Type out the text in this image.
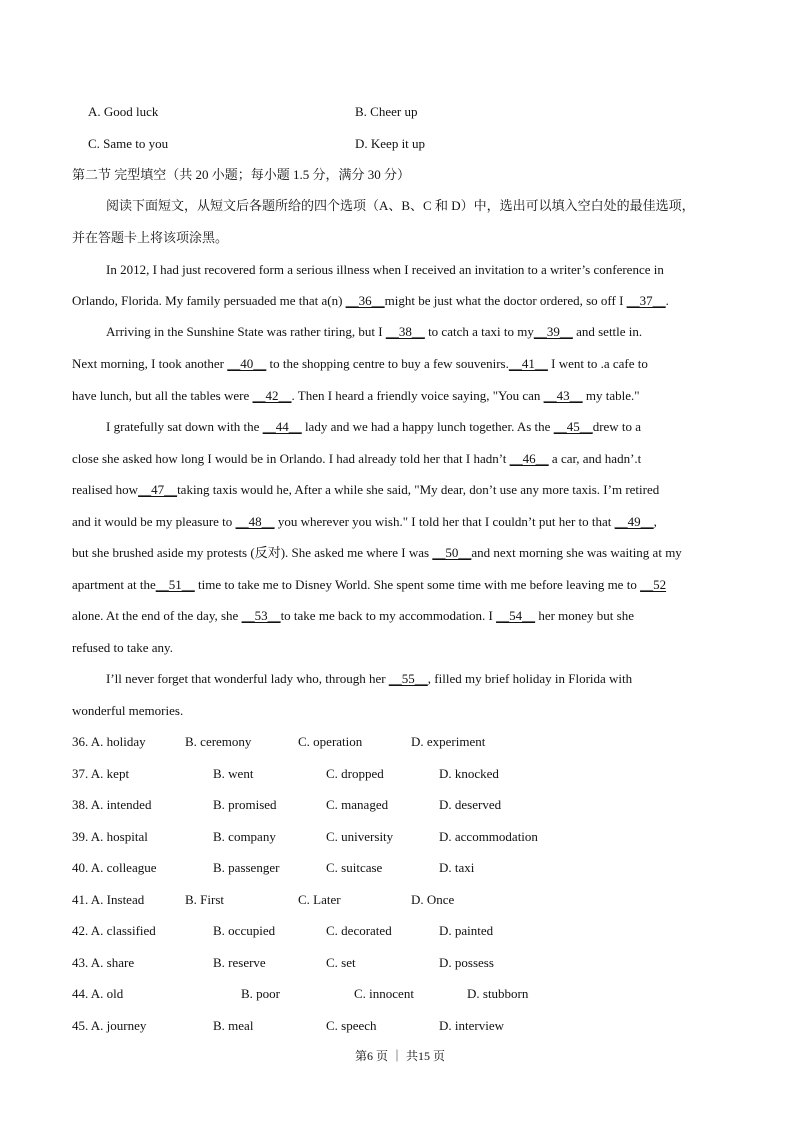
A. Good luck	B. Cheer up
C. Same to you	D. Keep it up
第二节 完型填空（共 20 小题；每小题 1.5 分，满分 30 分）
阅读下面短文，从短文后各题所给的四个选项（A、B、C 和 D）中，选出可以填入空白处的最佳选项，
并在答题卡上将该项涂黑。
In 2012, I had just recovered form a serious illness when I received an invitation to a writer’s conference in
Orlando, Florida. My family persuaded me that a(n) __36__might be just what the doctor ordered, so off I __37__.
Arriving in the Sunshine State was rather tiring, but I __38__ to catch a taxi to my__39__ and settle in.
Next morning, I took another __40__ to the shopping centre to buy a few souvenirs.__41__ I went to .a cafe to
have lunch, but all the tables were __42__. Then I heard a friendly voice saying, "You can __43__ my table."
I gratefully sat down with the __44__ lady and we had a happy lunch together. As the __45__drew to a
close she asked how long I would be in Orlando. I had already told her that I hadn’t __46__ a car, and hadn’.t
realised how__47__taking taxis would he, After a while she said, "My dear, don’t use any more taxis. I’m retired
and it would be my pleasure to __48__ you wherever you wish." I told her that I couldn’t put her to that __49__,
but she brushed aside my protests (反对). She asked me where I was __50__and next morning she was waiting at my
apartment at the__51__ time to take me to Disney World. She spent some time with me before leaving me to __52
alone. At the end of the day, she __53__to take me back to my accommodation. I __54__ her money but she
refused to take any.
I’ll never forget that wonderful lady who, through her __55__, filled my brief holiday in Florida with
wonderful memories.
36. A. holiday	B. ceremony	C. operation	D. experiment
37. A. kept	B. went	C. dropped	D. knocked
38. A. intended	B. promised	C. managed	D. deserved
39. A. hospital	B. company	C. university	D. accommodation
40. A. colleague	B. passenger	C. suitcase	D. taxi
41. A. Instead	B. First	C. Later	D. Once
42. A. classified	B. occupied	C. decorated	D. painted
43. A. share	B. reserve	C. set	D. possess
44. A. old	B. poor	C. innocent	D. stubborn
45. A. journey	B. meal	C. speech	D. interview
第6 页 ｜ 共15 页
